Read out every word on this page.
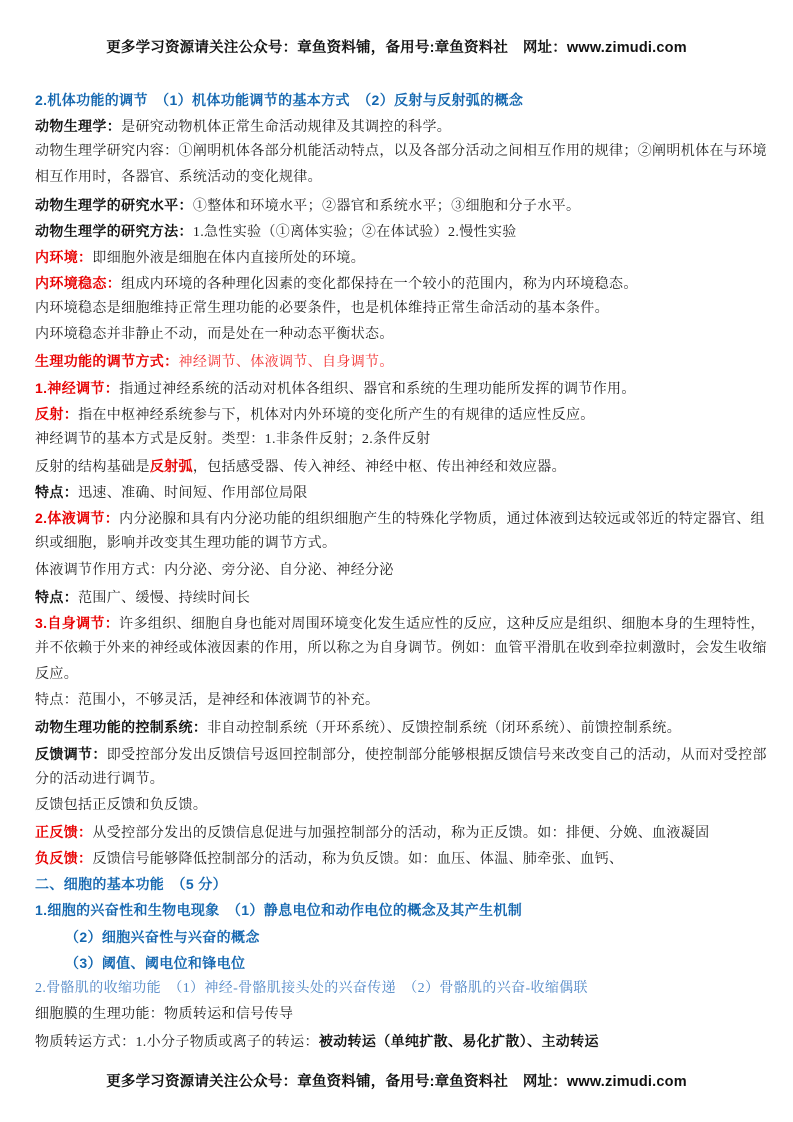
更多学习资源请关注公众号：章鱼资料铺，备用号:章鱼资料社　网址：www.zimudi.com
2.机体功能的调节　（1）机体功能调节的基本方式　（2）反射与反射弧的概念
动物生理学：是研究动物机体正常生命活动规律及其调控的科学。
动物生理学研究内容：①阐明机体各部分机能活动特点，以及各部分活动之间相互作用的规律；②阐明机体在与环境
相互作用时，各器官、系统活动的变化规律。
动物生理学的研究水平：①整体和环境水平；②器官和系统水平；③细胞和分子水平。
动物生理学的研究方法：1.急性实验（①离体实验；②在体试验）2.慢性实验
内环境：即细胞外液是细胞在体内直接所处的环境。
内环境稳态：组成内环境的各种理化因素的变化都保持在一个较小的范围内，称为内环境稳态。
内环境稳态是细胞维持正常生理功能的必要条件，也是机体维持正常生命活动的基本条件。
内环境稳态并非静止不动，而是处在一种动态平衡状态。
生理功能的调节方式：神经调节、体液调节、自身调节。
1.神经调节：指通过神经系统的活动对机体各组织、器官和系统的生理功能所发挥的调节作用。
反射：指在中枢神经系统参与下，机体对内外环境的变化所产生的有规律的适应性反应。
神经调节的基本方式是反射。类型：1.非条件反射；2.条件反射
反射的结构基础是反射弧，包括感受器、传入神经、神经中枢、传出神经和效应器。
特点：迅速、准确、时间短、作用部位局限
2.体液调节：内分泌腺和具有内分泌功能的组织细胞产生的特殊化学物质，通过体液到达较远或邻近的特定器官、组
织或细胞，影响并改变其生理功能的调节方式。
体液调节作用方式：内分泌、旁分泌、自分泌、神经分泌
特点：范围广、缓慢、持续时间长
3.自身调节：许多组织、细胞自身也能对周围环境变化发生适应性的反应，这种反应是组织、细胞本身的生理特性，
并不依赖于外来的神经或体液因素的作用，所以称之为自身调节。例如：血管平滑肌在收到牵拉刺激时，会发生收缩
反应。
特点：范围小，不够灵活，是神经和体液调节的补充。
动物生理功能的控制系统：非自动控制系统（开环系统）、反馈控制系统（闭环系统）、前馈控制系统。
反馈调节：即受控部分发出反馈信号返回控制部分，使控制部分能够根据反馈信号来改变自己的活动，从而对受控部
分的活动进行调节。
反馈包括正反馈和负反馈。
正反馈：从受控部分发出的反馈信息促进与加强控制部分的活动，称为正反馈。如：排便、分娩、血液凝固
负反馈：反馈信号能够降低控制部分的活动，称为负反馈。如：血压、体温、肺牵张、血钙、
二、细胞的基本功能　（5 分）
1.细胞的兴奋性和生物电现象　（1）静息电位和动作电位的概念及其产生机制
（2）细胞兴奋性与兴奋的概念
（3）阈值、阈电位和锋电位
2.骨骼肌的收缩功能　（1）神经-骨骼肌接头处的兴奋传递　（2）骨骼肌的兴奋-收缩偶联
细胞膜的生理功能：物质转运和信号传导
物质转运方式：1.小分子物质或离子的转运：被动转运（单纯扩散、易化扩散）、主动转运
更多学习资源请关注公众号：章鱼资料铺，备用号:章鱼资料社　网址：www.zimudi.com
